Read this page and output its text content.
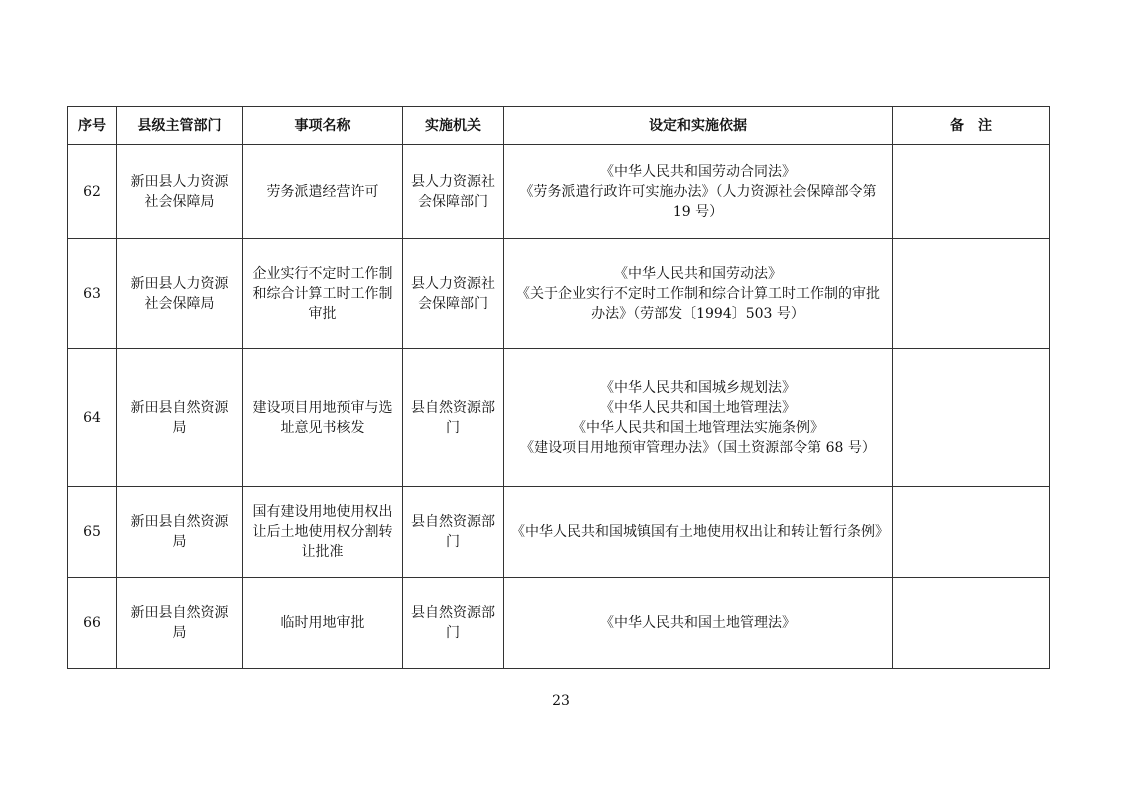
序号	县级主管部门	事项名称	实施机关	设定和实施依据	备　注
62	新田县人力资源社会保障局	劳务派遣经营许可	县人力资源社会保障部门	《中华人民共和国劳动合同法》
《劳务派遣行政许可实施办法》（人力资源社会保障部令第 19 号）	

63	新田县人力资源社会保障局	企业实行不定时工作制和综合计算工时工作制审批	县人力资源社会保障部门	《中华人民共和国劳动法》
《关于企业实行不定时工作制和综合计算工时工作制的审批办法》（劳部发〔1994〕503 号）	

64	新田县自然资源局	建设项目用地预审与选址意见书核发	县自然资源部门	《中华人民共和国城乡规划法》
《中华人民共和国土地管理法》
《中华人民共和国土地管理法实施条例》
《建设项目用地预审管理办法》（国土资源部令第 68 号）	

65	新田县自然资源局	国有建设用地使用权出让后土地使用权分割转让批准	县自然资源部门	《中华人民共和国城镇国有土地使用权出让和转让暂行条例》	

66	新田县自然资源局	临时用地审批	县自然资源部门	《中华人民共和国土地管理法》	

23
